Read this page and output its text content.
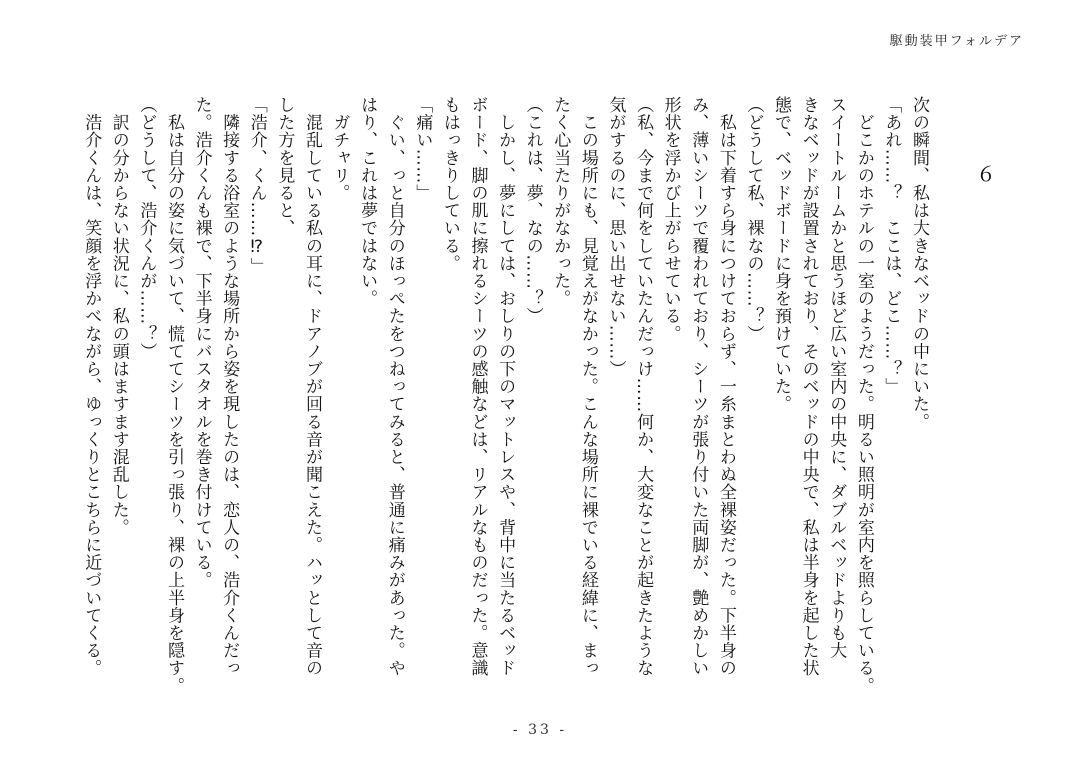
駆動装甲フォルデア
６
次の瞬間、私は大きなベッドの中にいた。
「あれ……？　ここは、どこ……？」
　どこかのホテルの一室のようだった。明るい照明が室内を照らしている。
スイートルームかと思うほど広い室内の中央に、ダブルベッドよりも大
きなベッドが設置されており、そのベッドの中央で、私は半身を起した状
態で、ベッドボードに身を預けていた。
（どうして私、裸なの……？）
　私は下着すら身につけておらず、一糸まとわぬ全裸姿だった。下半身の
み、薄いシーツで覆われており、シーツが張り付いた両脚が、艶めかしい
形状を浮かび上がらせている。
（私、今まで何をしていたんだっけ……何か、大変なことが起きたような
気がするのに、思い出せない……）
　この場所にも、見覚えがなかった。こんな場所に裸でいる経緯に、まっ
たく心当たりがなかった。
（これは、夢、なの……？）
　しかし、夢にしては、おしりの下のマットレスや、背中に当たるベッド
ボード、脚の肌に擦れるシーツの感触などは、リアルなものだった。意識
もはっきりしている。
「痛い……」
　ぐい、っと自分のほっぺたをつねってみると、普通に痛みがあった。や
はり、これは夢ではない。
　ガチャリ。
　混乱している私の耳に、ドアノブが回る音が聞こえた。ハッとして音の
した方を見ると、
「浩介、くん……⁉」
　隣接する浴室のような場所から姿を現したのは、恋人の、浩介くんだっ
た。浩介くんも裸で、下半身にバスタオルを巻き付けている。
　私は自分の姿に気づいて、慌ててシーツを引っ張り、裸の上半身を隠す。
（どうして、浩介くんが……？）
　訳の分からない状況に、私の頭はますます混乱した。
　浩介くんは、笑顔を浮かべながら、ゆっくりとこちらに近づいてくる。
- 33 -
